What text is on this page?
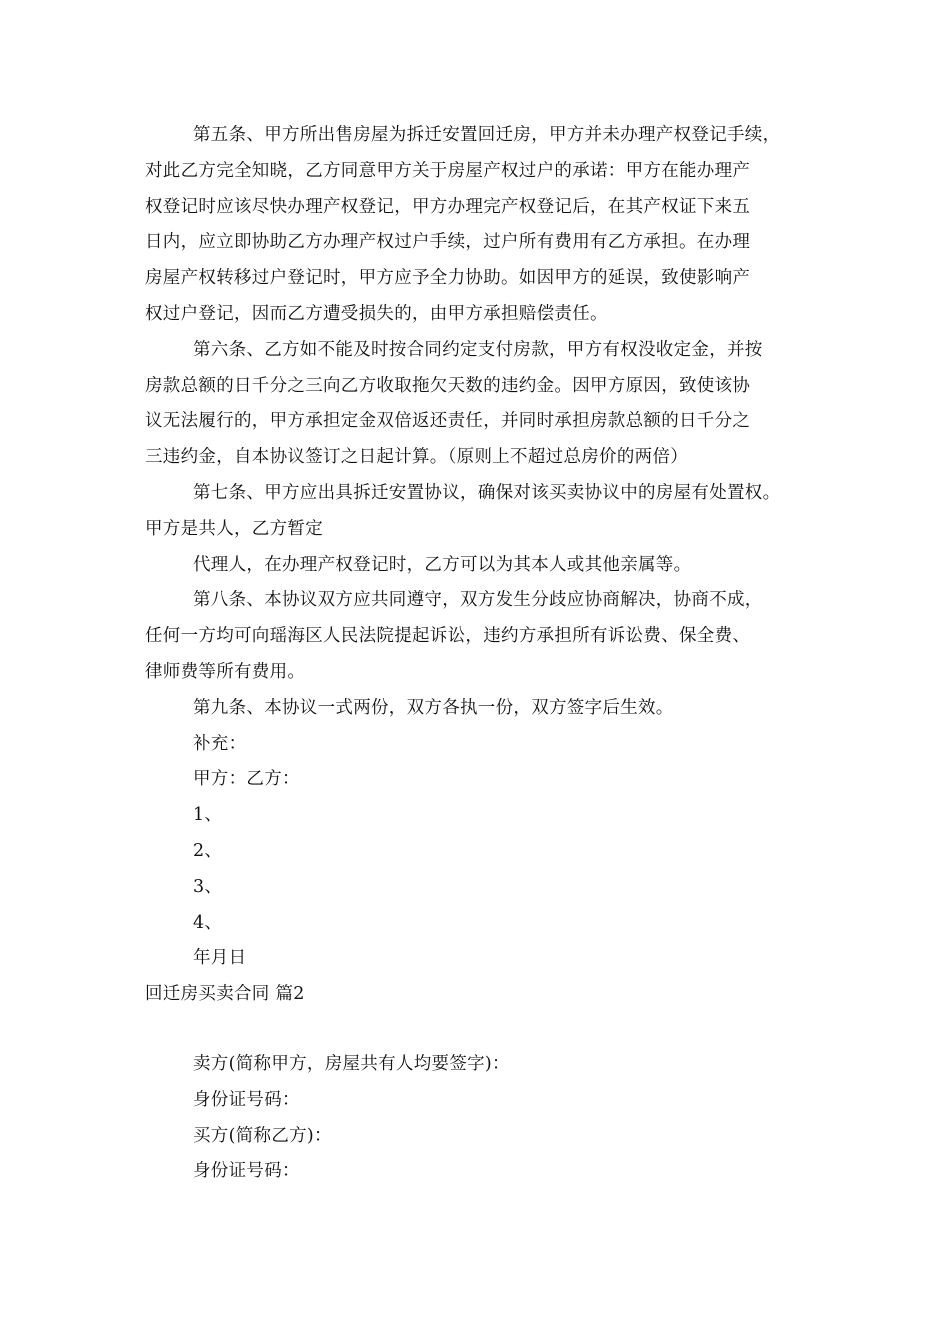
第五条、甲方所出售房屋为拆迁安置回迁房，甲方并未办理产权登记手续，
对此乙方完全知晓，乙方同意甲方关于房屋产权过户的承诺：甲方在能办理产
权登记时应该尽快办理产权登记，甲方办理完产权登记后，在其产权证下来五
日内，应立即协助乙方办理产权过户手续，过户所有费用有乙方承担。在办理
房屋产权转移过户登记时，甲方应予全力协助。如因甲方的延误，致使影响产
权过户登记，因而乙方遭受损失的，由甲方承担赔偿责任。
第六条、乙方如不能及时按合同约定支付房款，甲方有权没收定金，并按
房款总额的日千分之三向乙方收取拖欠天数的违约金。因甲方原因，致使该协
议无法履行的，甲方承担定金双倍返还责任，并同时承担房款总额的日千分之
三违约金，自本协议签订之日起计算。（原则上不超过总房价的两倍）
第七条、甲方应出具拆迁安置协议，确保对该买卖协议中的房屋有处置权。
甲方是共人，乙方暂定
代理人，在办理产权登记时，乙方可以为其本人或其他亲属等。
第八条、本协议双方应共同遵守，双方发生分歧应协商解决，协商不成，
任何一方均可向瑶海区人民法院提起诉讼，违约方承担所有诉讼费、保全费、
律师费等所有费用。
第九条、本协议一式两份，双方各执一份，双方签字后生效。
补充：
甲方：乙方：
1、
2、
3、
4、
年月日
回迁房买卖合同 篇2
卖方(简称甲方，房屋共有人均要签字)：
身份证号码：
买方(简称乙方)：
身份证号码：
